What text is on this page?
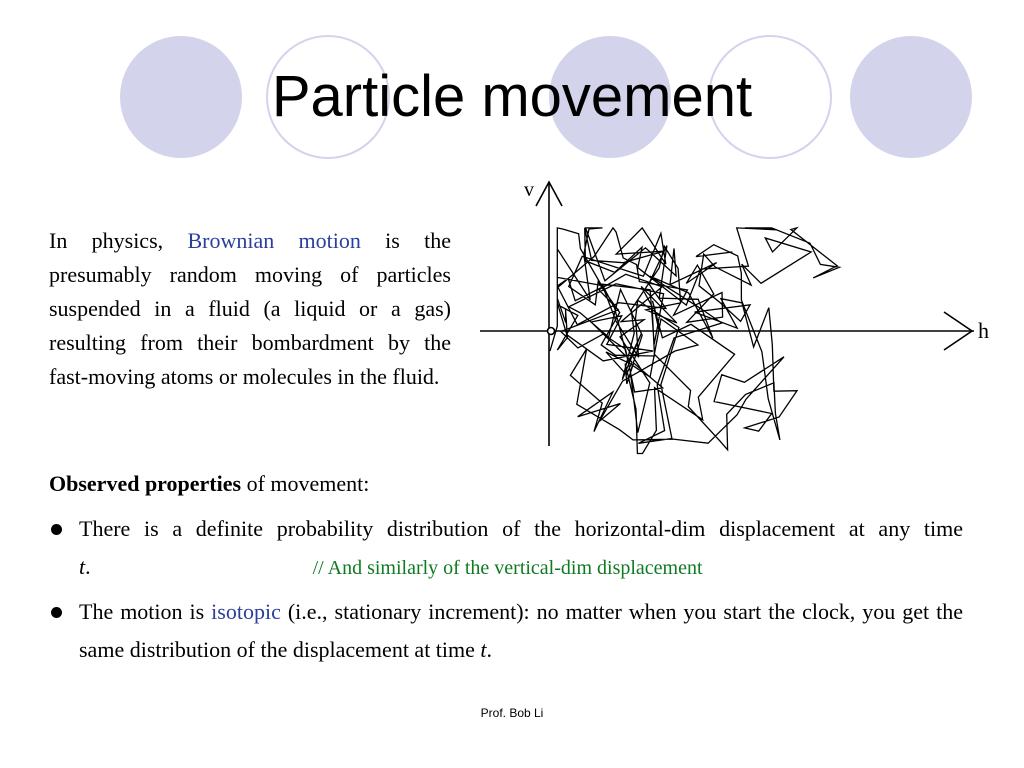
Particle movement
In physics, Brownian motion is the presumably random moving of particles suspended in a fluid (a liquid or a gas) resulting from their bombardment by the fast-moving atoms or molecules in the fluid.
v
h
Observed properties of movement:
There is a definite probability distribution of the horizontal-dim displacement at any time t.	// And similarly of the vertical-dim displacement
The motion is isotopic (i.e., stationary increment): no matter when you start the clock, you get the same distribution of the displacement at time t.
Prof. Bob Li
